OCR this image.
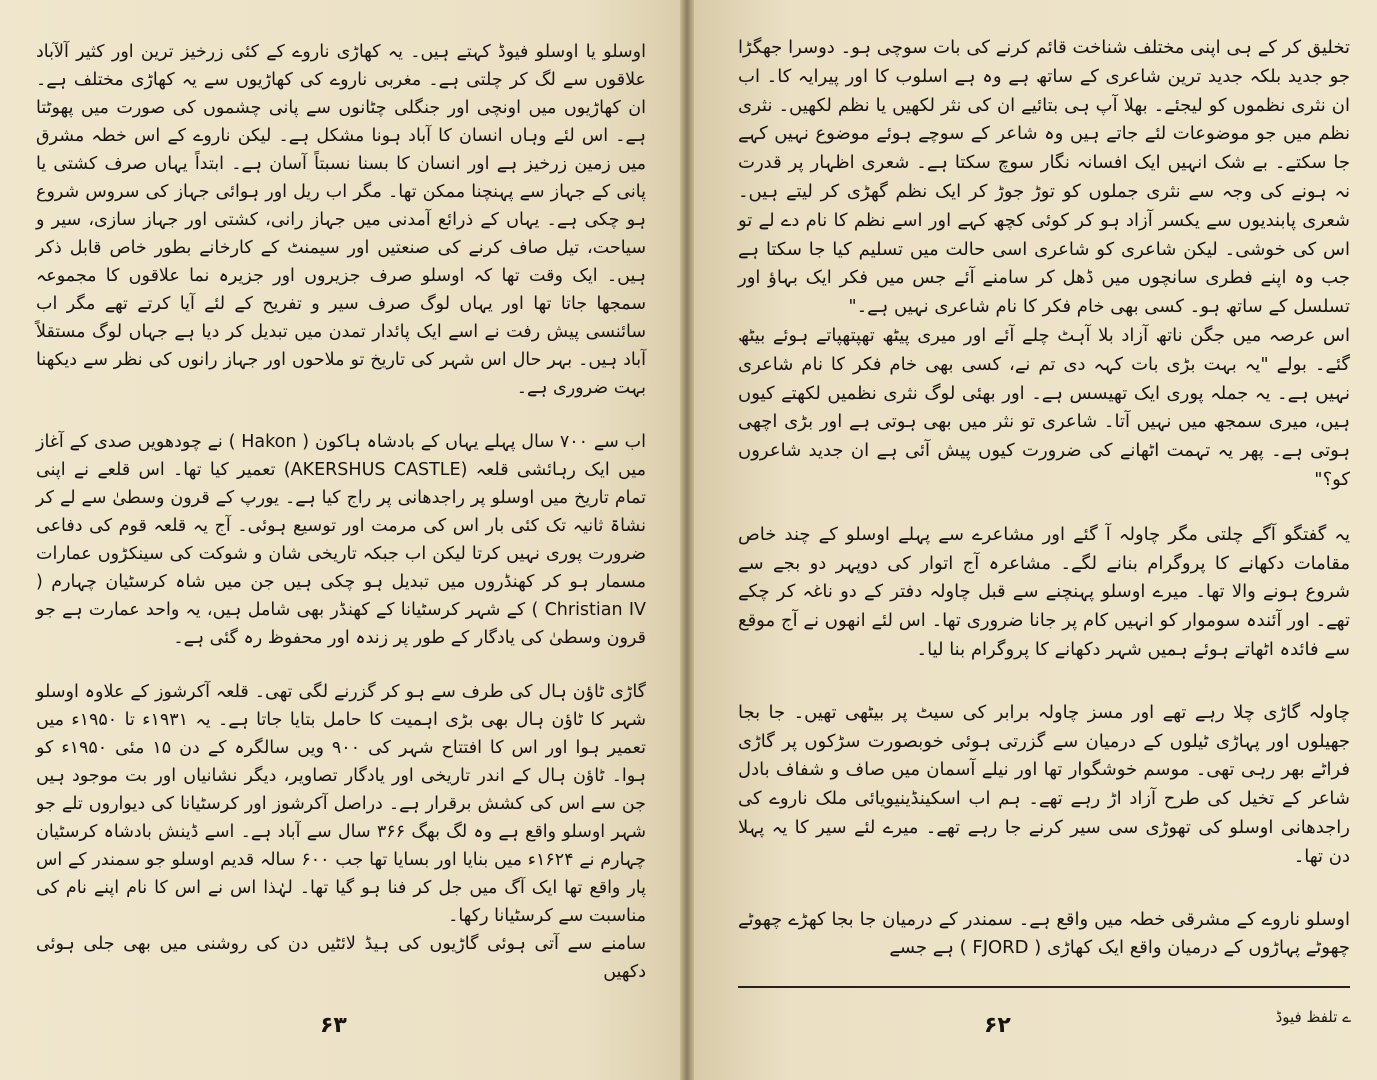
اوسلو یا اوسلو فیوڈ کہتے ہیں۔ یہ کھاڑی ناروے کے کئی زرخیز ترین اور کثیر آلآباد علاقوں سے لگ کر چلتی ہے۔ مغربی ناروے کی کھاڑیوں سے یہ کھاڑی مختلف ہے۔ ان کھاڑیوں میں اونچی اور جنگلی چٹانوں سے پانی چشموں کی صورت میں پھوٹتا ہے۔ اس لئے وہاں انسان کا آباد ہونا مشکل ہے۔ لیکن ناروے کے اس خطہ مشرق میں زمین زرخیز ہے اور انسان کا بسنا نسبتاً آسان ہے۔ ابتداً یہاں صرف کشتی یا پانی کے جہاز سے پہنچنا ممکن تھا۔ مگر اب ریل اور ہوائی جہاز کی سروس شروع ہو چکی ہے۔ یہاں کے ذرائع آمدنی میں جہاز رانی، کشتی اور جہاز سازی، سیر و سیاحت، تیل صاف کرنے کی صنعتیں اور سیمنٹ کے کارخانے بطور خاص قابل ذکر ہیں۔ ایک وقت تھا کہ اوسلو صرف جزیروں اور جزیرہ نما علاقوں کا مجموعہ سمجھا جاتا تھا اور یہاں لوگ صرف سیر و تفریح کے لئے آیا کرتے تھے مگر اب سائنسی پیش رفت نے اسے ایک پائدار تمدن میں تبدیل کر دیا ہے جہاں لوگ مستقلاً آباد ہیں۔ بہر حال اس شہر کی تاریخ تو ملاحوں اور جہاز رانوں کی نظر سے دیکھنا بہت ضروری ہے۔

اب سے ۷۰۰ سال پہلے یہاں کے بادشاہ ہاکون ( Hakon ) نے چودھویں صدی کے آغاز میں ایک رہائشی قلعہ (AKERSHUS CASTLE) تعمیر کیا تھا۔ اس قلعے نے اپنی تمام تاریخ میں اوسلو پر راجدھانی پر راج کیا ہے۔ یورپ کے قرون وسطیٰ سے لے کر نشاۃ ثانیہ تک کئی بار اس کی مرمت اور توسیع ہوئی۔ آج یہ قلعہ قوم کی دفاعی ضرورت پوری نہیں کرتا لیکن اب جبکہ تاریخی شان و شوکت کی سینکڑوں عمارات مسمار ہو کر کھنڈروں میں تبدیل ہو چکی ہیں جن میں شاہ کرسٹیان چہارم ( Christian IV ) کے شہر کرسٹیانا کے کھنڈر بھی شامل ہیں، یہ واحد عمارت ہے جو قرون وسطیٰ کی یادگار کے طور پر زندہ اور محفوظ رہ گئی ہے۔

گاڑی ٹاؤن ہال کی طرف سے ہو کر گزرنے لگی تھی۔ قلعہ آکرشوز کے علاوہ اوسلو شہر کا ٹاؤن ہال بھی بڑی اہمیت کا حامل بتایا جاتا ہے۔ یہ ۱۹۳۱ء تا ۱۹۵۰ء میں تعمیر ہوا اور اس کا افتتاح شہر کی ۹۰۰ ویں سالگرہ کے دن ۱۵ مئی ۱۹۵۰ء کو ہوا۔ ٹاؤن ہال کے اندر تاریخی اور یادگار تصاویر، دیگر نشانیاں اور بت موجود ہیں جن سے اس کی کشش برقرار ہے۔ دراصل آکرشوز اور کرسٹیانا کی دیواروں تلے جو شہر اوسلو واقع ہے وہ لگ بھگ ۳۶۶ سال سے آباد ہے۔ اسے ڈینش بادشاہ کرسٹیان چہارم نے ۱۶۲۴ء میں بنایا اور بسایا تھا جب ۶۰۰ سالہ قدیم اوسلو جو سمندر کے اس پار واقع تھا ایک آگ میں جل کر فنا ہو گیا تھا۔ لہٰذا اس نے اس کا نام اپنے نام کی مناسبت سے کرسٹیانا رکھا۔

سامنے سے آتی ہوئی گاڑیوں کی ہیڈ لائٹیں دن کی روشنی میں بھی جلی ہوئی دکھیں

۶۳

تخلیق کر کے ہی اپنی مختلف شناخت قائم کرنے کی بات سوچی ہو۔ دوسرا جھگڑا جو جدید بلکہ جدید ترین شاعری کے ساتھ ہے وہ ہے اسلوب کا اور پیرایہ کا۔ اب ان نثری نظموں کو لیجئے۔ بھلا آپ ہی بتائیے ان کی نثر لکھیں یا نظم لکھیں۔ نثری نظم میں جو موضوعات لئے جاتے ہیں وہ شاعر کے سوچے ہوئے موضوع نہیں کہے جا سکتے۔ بے شک انہیں ایک افسانہ نگار سوچ سکتا ہے۔ شعری اظہار پر قدرت نہ ہونے کی وجہ سے نثری جملوں کو توڑ جوڑ کر ایک نظم گھڑی کر لیتے ہیں۔ شعری پابندیوں سے یکسر آزاد ہو کر کوئی کچھ کہے اور اسے نظم کا نام دے لے تو اس کی خوشی۔ لیکن شاعری کو شاعری اسی حالت میں تسلیم کیا جا سکتا ہے جب وہ اپنے فطری سانچوں میں ڈھل کر سامنے آئے جس میں فکر ایک بہاؤ اور تسلسل کے ساتھ ہو۔ کسی بھی خام فکر کا نام شاعری نہیں ہے۔"

اس عرصہ میں جگن ناتھ آزاد بلا آہٹ چلے آئے اور میری پیٹھ تھپتھپاتے ہوئے بیٹھ گئے۔ بولے "یہ بہت بڑی بات کہہ دی تم نے، کسی بھی خام فکر کا نام شاعری نہیں ہے۔ یہ جملہ پوری ایک تھیسس ہے۔ اور بھئی لوگ نثری نظمیں لکھتے کیوں ہیں، میری سمجھ میں نہیں آتا۔ شاعری تو نثر میں بھی ہوتی ہے اور بڑی اچھی ہوتی ہے۔ پھر یہ تہمت اٹھانے کی ضرورت کیوں پیش آئی ہے ان جدید شاعروں کو؟"

یہ گفتگو آگے چلتی مگر چاولہ آ گئے اور مشاعرے سے پہلے اوسلو کے چند خاص مقامات دکھانے کا پروگرام بنانے لگے۔ مشاعرہ آج اتوار کی دوپہر دو بجے سے شروع ہونے والا تھا۔ میرے اوسلو پہنچنے سے قبل چاولہ دفتر کے دو ناغہ کر چکے تھے۔ اور آئندہ سوموار کو انہیں کام پر جانا ضروری تھا۔ اس لئے انھوں نے آج موقع سے فائدہ اٹھاتے ہوئے ہمیں شہر دکھانے کا پروگرام بنا لیا۔

چاولہ گاڑی چلا رہے تھے اور مسز چاولہ برابر کی سیٹ پر بیٹھی تھیں۔ جا بجا جھیلوں اور پہاڑی ٹیلوں کے درمیان سے گزرتی ہوئی خوبصورت سڑکوں پر گاڑی فراٹے بھر رہی تھی۔ موسم خوشگوار تھا اور نیلے آسمان میں صاف و شفاف بادل شاعر کے تخیل کی طرح آزاد اڑ رہے تھے۔ ہم اب اسکینڈینیویائی ملک ناروے کی راجدھانی اوسلو کی تھوڑی سی سیر کرنے جا رہے تھے۔ میرے لئے سیر کا یہ پہلا دن تھا۔

اوسلو ناروے کے مشرقی خطہ میں واقع ہے۔ سمندر کے درمیان جا بجا کھڑے چھوٹے چھوٹے پہاڑوں کے درمیان واقع ایک کھاڑی ( FJORD ) ہے جسے

ے تلفظ فیوڈ
۶۲
